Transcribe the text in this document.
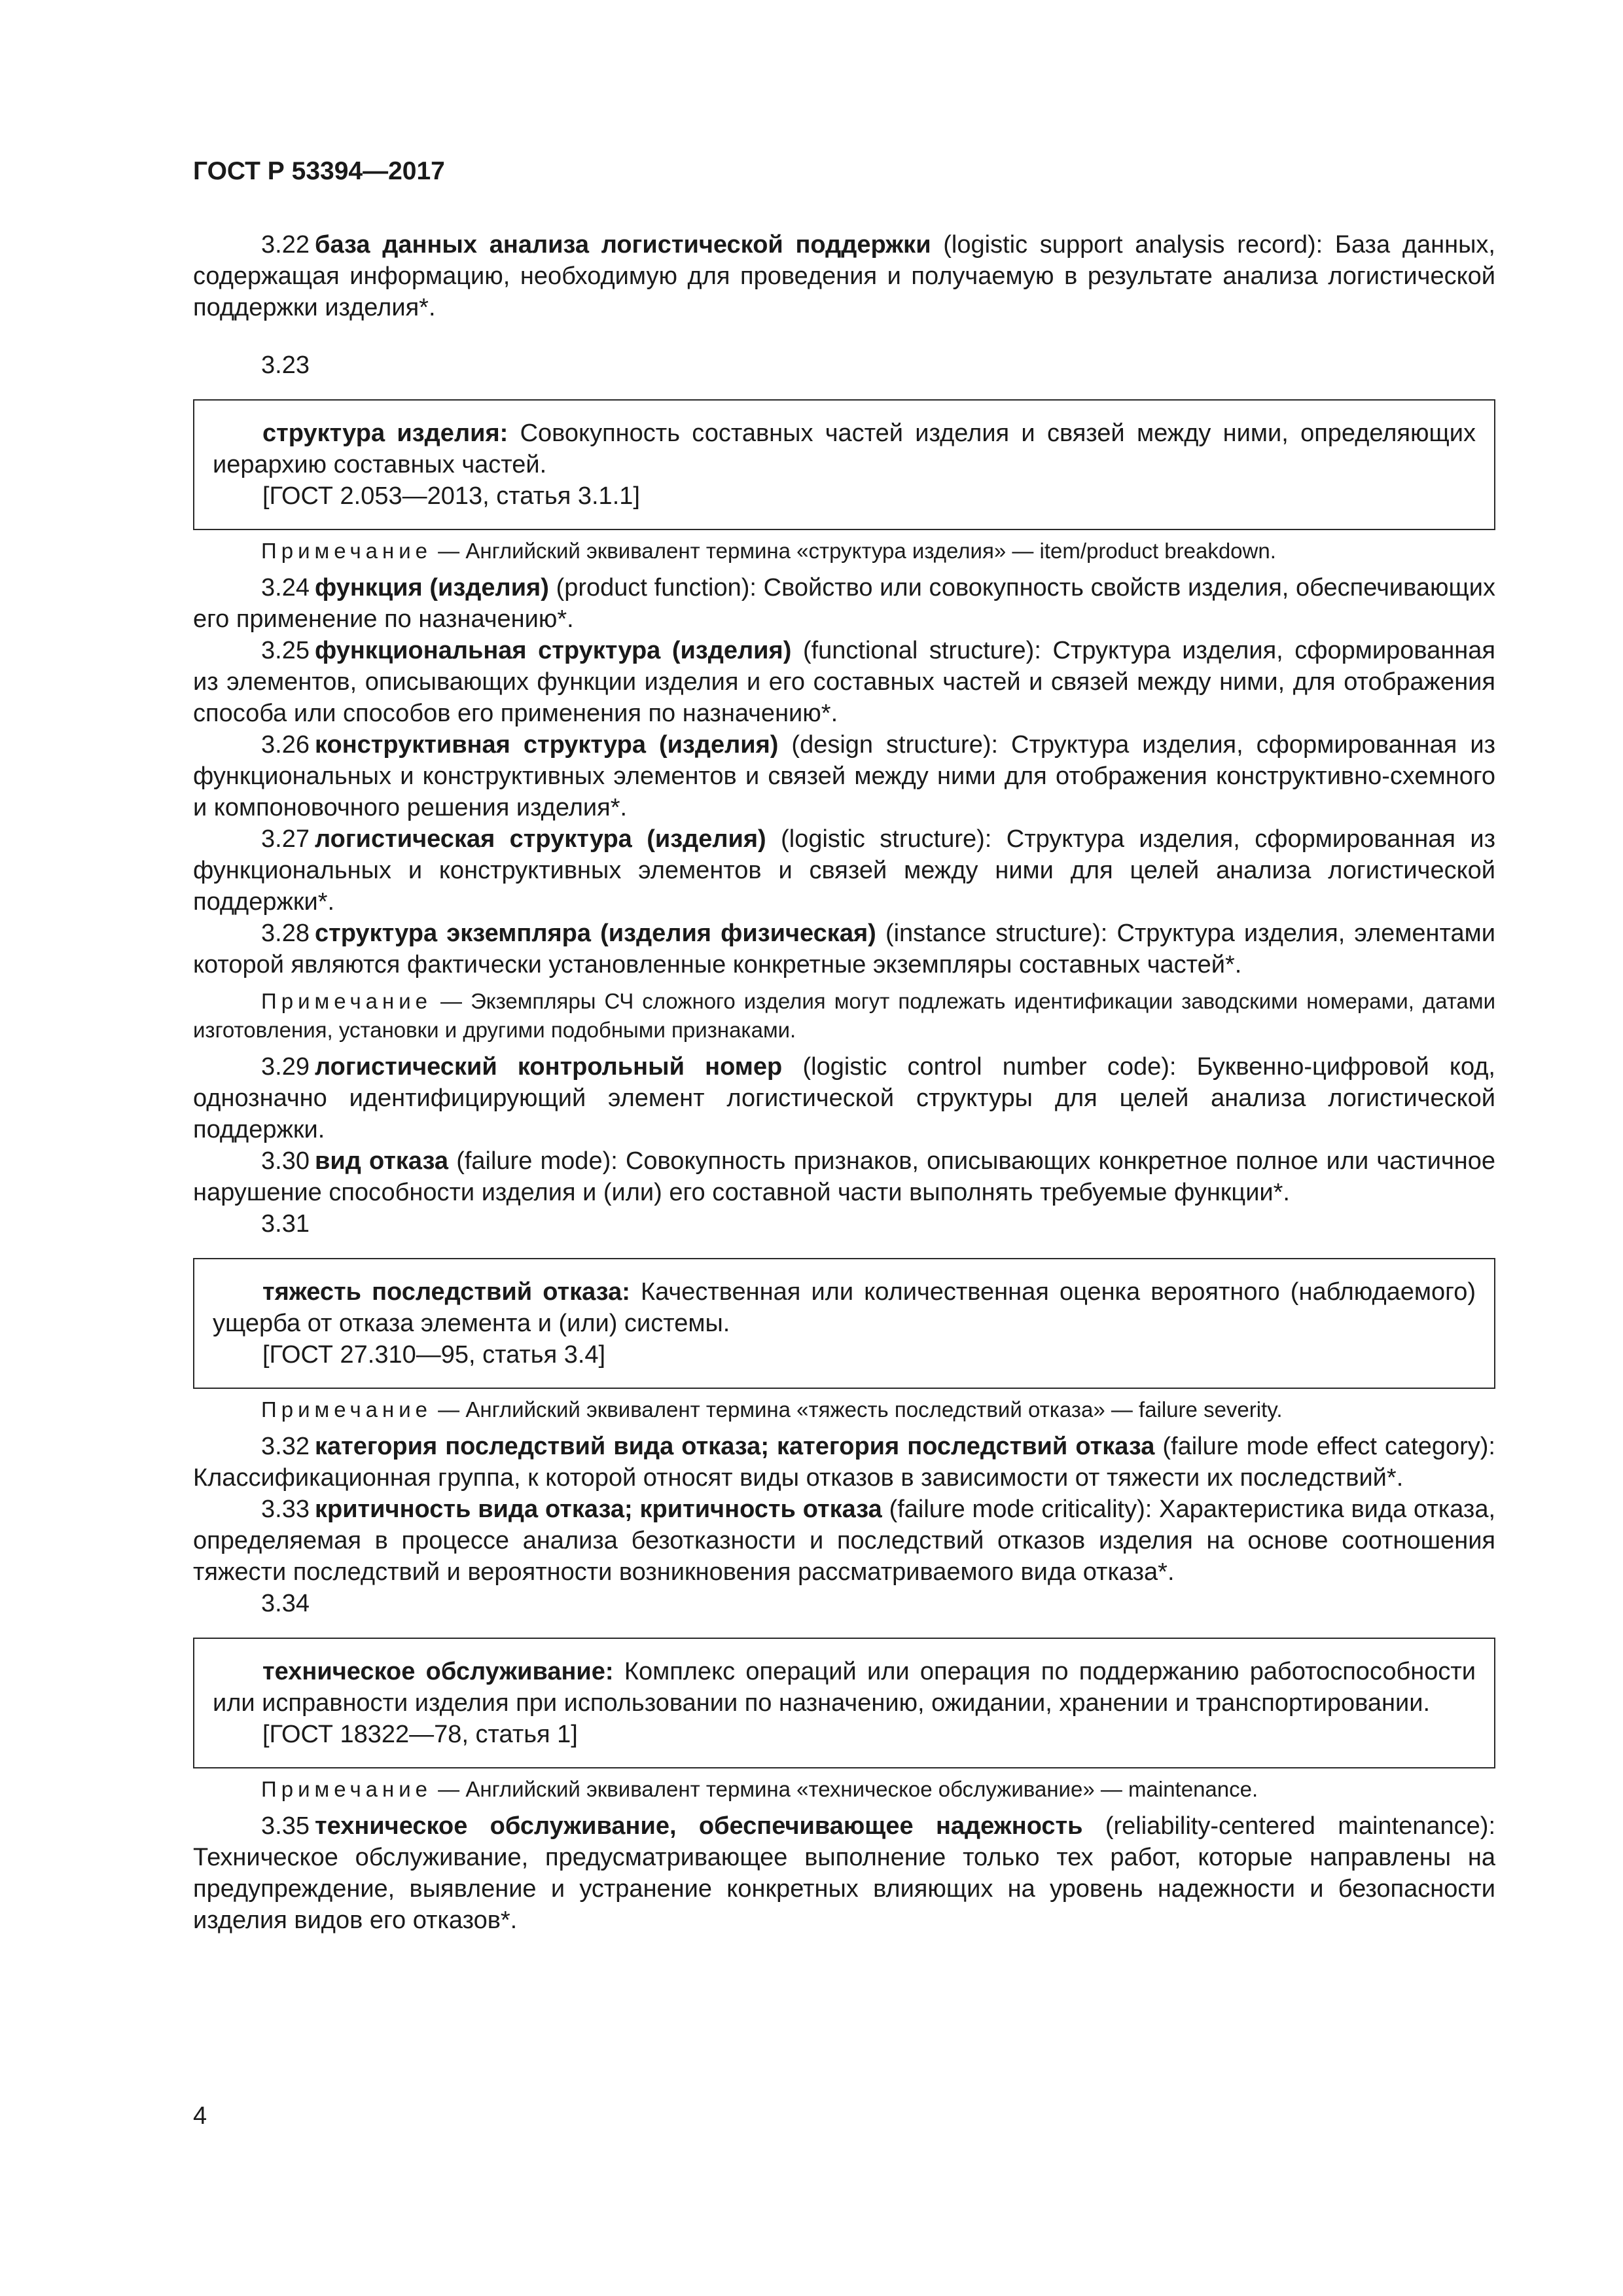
ГОСТ Р 53394—2017

3.22 база данных анализа логистической поддержки (logistic support analysis record): База данных, содержащая информацию, необходимую для проведения и получаемую в результате анализа логистической поддержки изделия*.

3.23

структура изделия: Совокупность составных частей изделия и связей между ними, определяющих иерархию составных частей.

[ГОСТ 2.053—2013, статья 3.1.1]

Примечание — Английский эквивалент термина «структура изделия» — item/product breakdown.

3.24 функция (изделия) (product function): Свойство или совокупность свойств изделия, обеспечивающих его применение по назначению*.

3.25 функциональная структура (изделия) (functional structure): Структура изделия, сформированная из элементов, описывающих функции изделия и его составных частей и связей между ними, для отображения способа или способов его применения по назначению*.

3.26 конструктивная структура (изделия) (design structure): Структура изделия, сформированная из функциональных и конструктивных элементов и связей между ними для отображения конструктивно-схемного и компоновочного решения изделия*.

3.27 логистическая структура (изделия) (logistic structure): Структура изделия, сформированная из функциональных и конструктивных элементов и связей между ними для целей анализа логистической поддержки*.

3.28 структура экземпляра (изделия физическая) (instance structure): Структура изделия, элементами которой являются фактически установленные конкретные экземпляры составных частей*.

Примечание — Экземпляры СЧ сложного изделия могут подлежать идентификации заводскими номерами, датами изготовления, установки и другими подобными признаками.

3.29 логистический контрольный номер (logistic control number code): Буквенно-цифровой код, однозначно идентифицирующий элемент логистической структуры для целей анализа логистической поддержки.

3.30 вид отказа (failure mode): Совокупность признаков, описывающих конкретное полное или частичное нарушение способности изделия и (или) его составной части выполнять требуемые функции*.

3.31

тяжесть последствий отказа: Качественная или количественная оценка вероятного (наблюдаемого) ущерба от отказа элемента и (или) системы.

[ГОСТ 27.310—95, статья 3.4]

Примечание — Английский эквивалент термина «тяжесть последствий отказа» — failure severity.

3.32 категория последствий вида отказа; категория последствий отказа (failure mode effect category): Классификационная группа, к которой относят виды отказов в зависимости от тяжести их последствий*.

3.33 критичность вида отказа; критичность отказа (failure mode criticality): Характеристика вида отказа, определяемая в процессе анализа безотказности и последствий отказов изделия на основе соотношения тяжести последствий и вероятности возникновения рассматриваемого вида отказа*.

3.34

техническое обслуживание: Комплекс операций или операция по поддержанию работоспособности или исправности изделия при использовании по назначению, ожидании, хранении и транспортировании.

[ГОСТ 18322—78, статья 1]

Примечание — Английский эквивалент термина «техническое обслуживание» — maintenance.

3.35 техническое обслуживание, обеспечивающее надежность (reliability-centered maintenance): Техническое обслуживание, предусматривающее выполнение только тех работ, которые направлены на предупреждение, выявление и устранение конкретных влияющих на уровень надежности и безопасности изделия видов его отказов*.

4
